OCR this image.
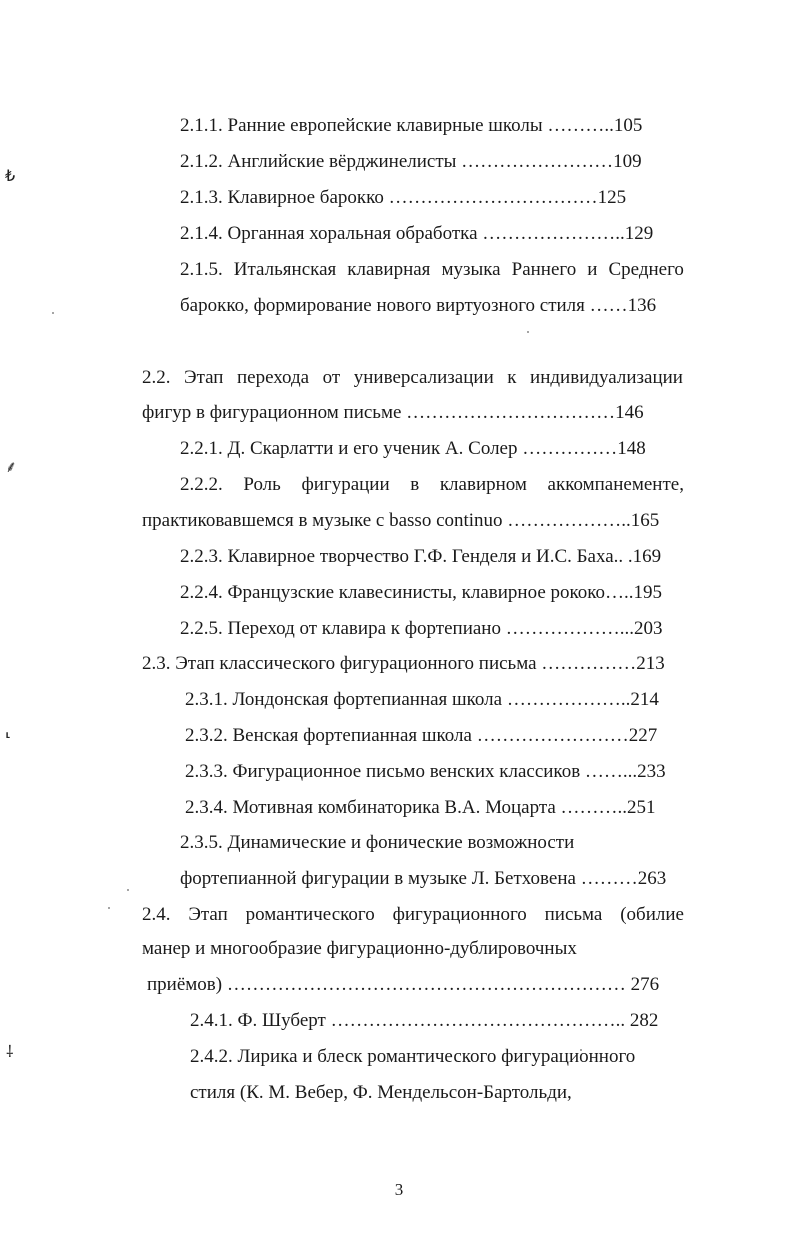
₺
⸙
⸤
⸸
2.1.1. Ранние европейские клавирные школы ………..105
2.1.2. Английские вёрджинелисты ……………………109
2.1.3. Клавирное барокко ……………………………125
2.1.4. Органная хоральная обработка …………………..129
2.1.5. Итальянская клавирная музыка Раннего и Среднего
барокко, формирование нового виртуозного стиля ……136
2.2. Этап перехода от универсализации к индивидуализации
фигур в фигурационном письме ……………………………146
2.2.1. Д. Скарлатти и его ученик А. Солер ……………148
2.2.2. Роль фигурации в клавирном аккомпанементе,
практиковавшемся в музыке с basso continuo ………………..165
2.2.3. Клавирное творчество Г.Ф. Генделя и И.С. Баха.. .169
2.2.4. Французские клавесинисты, клавирное рококо…..195
2.2.5. Переход от клавира к фортепиано ………………...203
2.3. Этап классического фигурационного письма ……………213
2.3.1. Лондонская фортепианная школа ………………..214
2.3.2. Венская фортепианная школа ……………………227
2.3.3. Фигурационное письмо венских классиков ……...233
2.3.4. Мотивная комбинаторика В.А. Моцарта ………..251
2.3.5. Динамические и фонические возможности
фортепианной фигурации в музыке Л. Бетховена ………263
2.4. Этап романтического фигурационного письма (обилие
манер и многообразие фигурационно-дублировочных
приёмов) ……………………………………………………… 276
2.4.1. Ф. Шуберт ……………………………………….. 282
2.4.2. Лирика и блеск романтического фигурационного
стиля (К. М. Вебер, Ф. Мендельсон-Бартольди,
3
